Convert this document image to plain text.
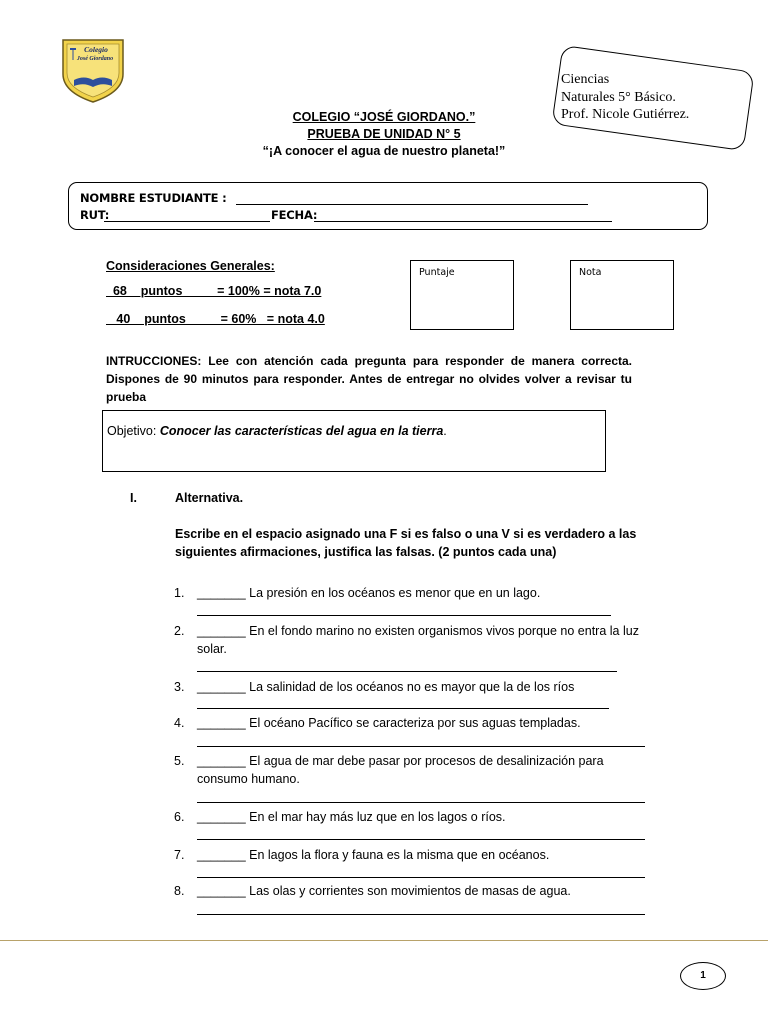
Colegio
José Giordano
Ciencias
Naturales 5° Básico.
Prof. Nicole Gutiérrez.
COLEGIO “JOSÉ GIORDANO.”
PRUEBA DE UNIDAD N° 5
“¡A conocer el agua de nuestro planeta!”
NOMBRE ESTUDIANTE :
RUT:	FECHA:
Consideraciones Generales:
68    puntos          = 100% = nota 7.0
40    puntos          = 60%   = nota 4.0
Puntaje	Nota
INTRUCCIONES: Lee con atención cada pregunta para responder de manera correcta. Dispones de 90 minutos para responder. Antes de entregar no olvides volver a revisar tu prueba
Objetivo: Conocer las características del agua en la tierra.
I.	Alternativa.
Escribe en el espacio asignado una F si es falso o una V si es verdadero a las siguientes afirmaciones, justifica las falsas. (2 puntos cada una)
1. _______ La presión en los océanos es menor que en un lago.
2. _______ En el fondo marino no existen organismos vivos porque no entra la luz solar.
3. _______ La salinidad de los océanos no es mayor que la de los ríos
4. _______ El océano Pacífico se caracteriza por sus aguas templadas.
5. _______ El agua de mar debe pasar por procesos de desalinización para consumo humano.
6. _______ En el mar hay más luz que en los lagos o ríos.
7. _______ En lagos la flora y fauna es la misma que en océanos.
8. _______ Las olas y corrientes son movimientos de masas de agua.
1
